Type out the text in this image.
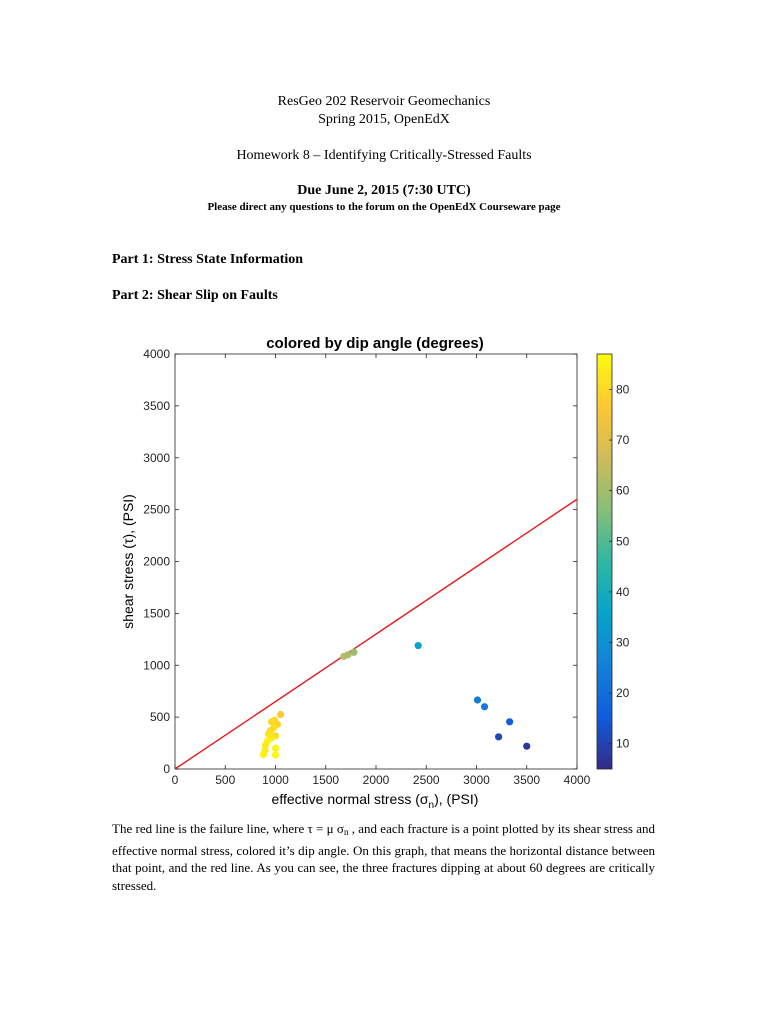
ResGeo 202 Reservoir Geomechanics
Spring 2015, OpenEdX
Homework 8 – Identifying Critically-Stressed Faults
Due June 2, 2015 (7:30 UTC)
Please direct any questions to the forum on the OpenEdX Courseware page
Part 1: Stress State Information
Part 2: Shear Slip on Faults
colored by dip angle (degrees)
0	500 1000 1500 2000 2500 3000 3500 4000
0
500
1000
1500
2000
2500
3000
3500
4000
effective normal stress $(\sigma_n)$, (PSI)
shear stress (τ), (PSI)
10
20
30
40
50
60
70
80
The red line is the failure line, where τ = μ $\sigma_n$ , and each fracture is a point plotted by its shear stress and effective normal stress, colored it’s dip angle. On this graph, that means the horizontal distance between that point, and the red line. As you can see, the three fractures dipping at about 60 degrees are critically stressed.
